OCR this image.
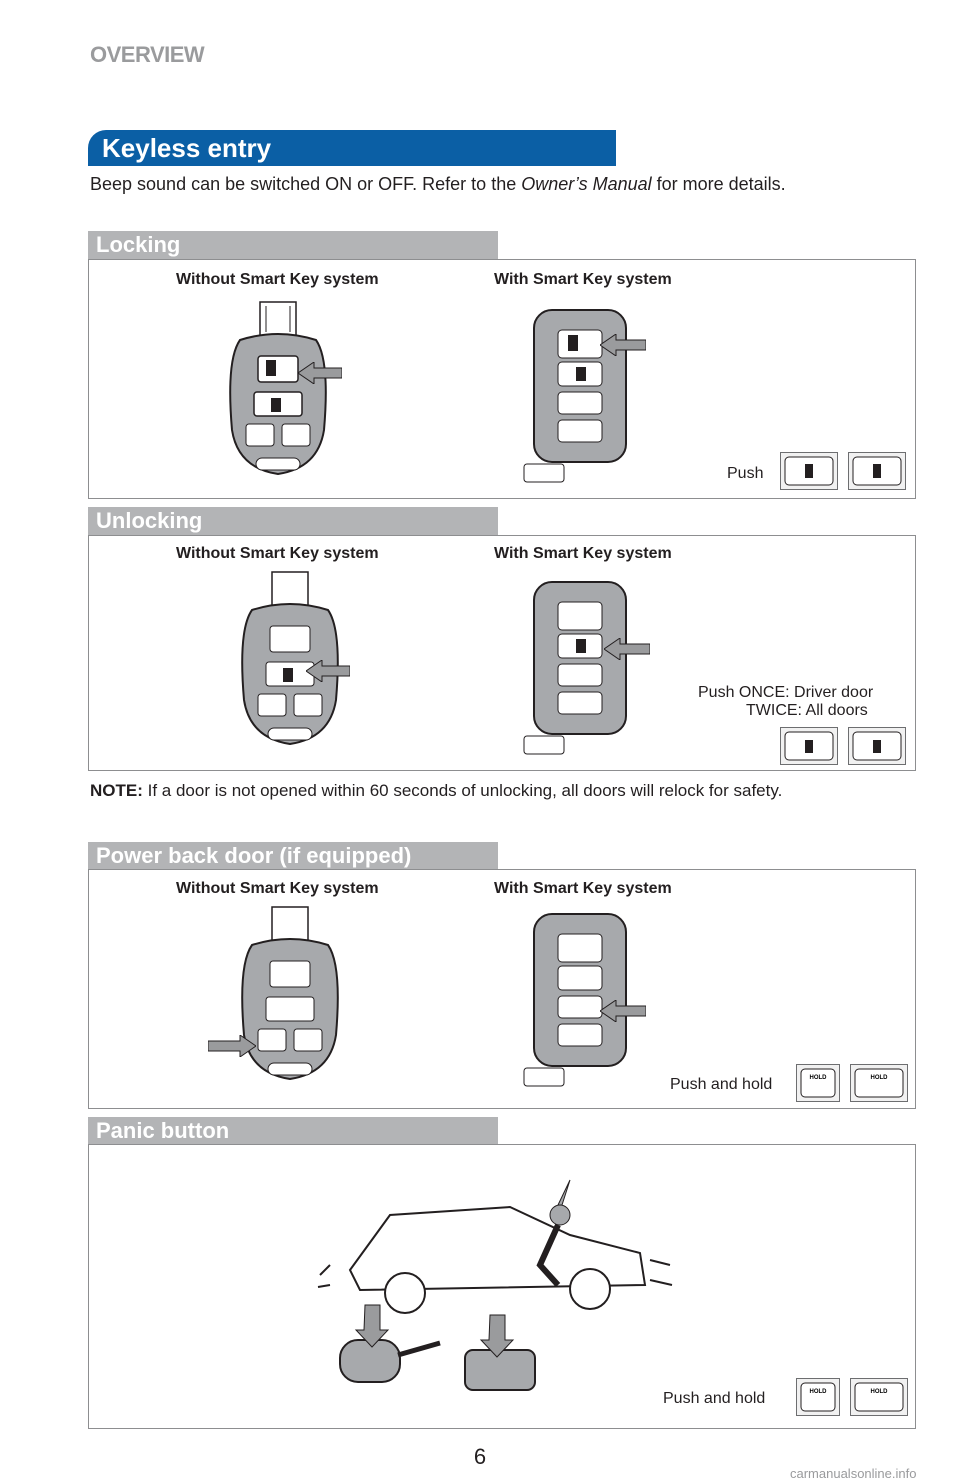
OVERVIEW
Keyless entry
Beep sound can be switched ON or OFF. Refer to the Owner’s Manual for more details.
Locking
Without Smart Key system	With Smart Key system
Push
Unlocking
Without Smart Key system	With Smart Key system
Push ONCE: Driver door
TWICE: All doors
NOTE: If a door is not opened within 60 seconds of unlocking, all doors will relock for safety.
Power back door (if equipped)
Without Smart Key system	With Smart Key system
Push and hold	HOLD	HOLD
Panic button
Push and hold	HOLD	HOLD
6
carmanualsonline.info
